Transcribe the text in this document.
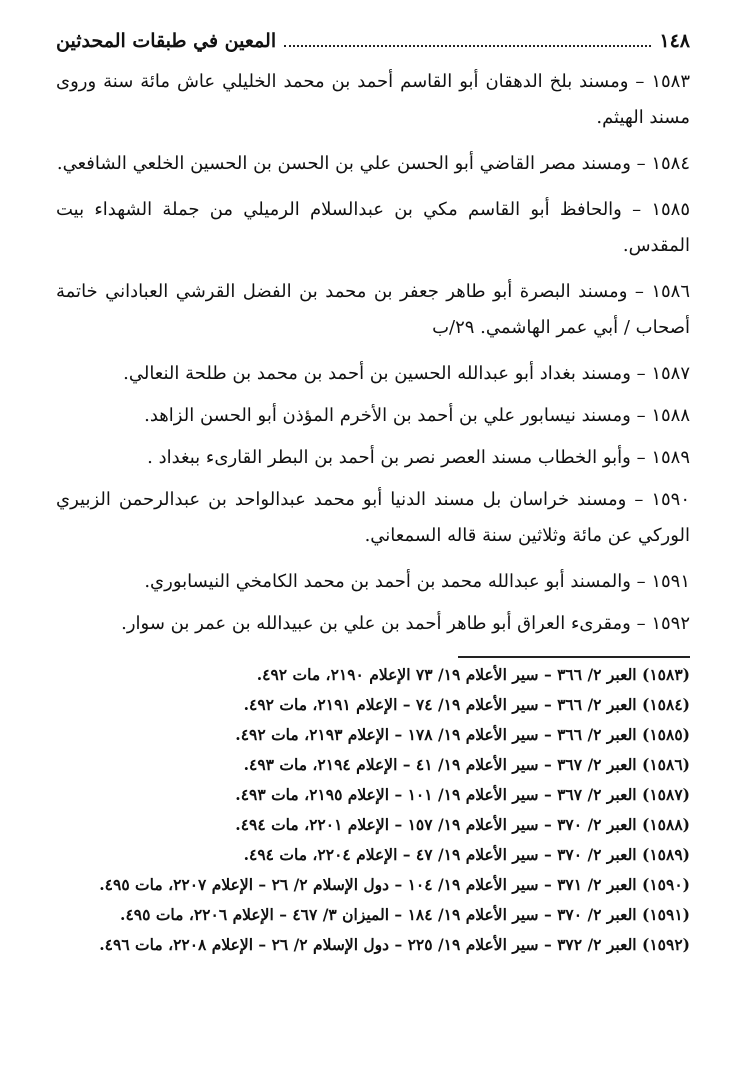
١٤٨
المعين في طبقات المحدثين

١٥٨٣ – ومسند بلخ الدهقان أبو القاسم أحمد بن محمد الخليلي عاش مائة سنة وروى مسند الهيثم.

١٥٨٤ – ومسند مصر القاضي أبو الحسن علي بن الحسن بن الحسين الخلعي الشافعي.

١٥٨٥ – والحافظ أبو القاسم مكي بن عبدالسلام الرميلي من جملة الشهداء بيت المقدس.

١٥٨٦ – ومسند البصرة أبو طاهر جعفر بن محمد بن الفضل القرشي العباداني خاتمة أصحاب / أبي عمر الهاشمي. ٢٩/ب

١٥٨٧ – ومسند بغداد أبو عبدالله الحسين بن أحمد بن محمد بن طلحة النعالي.

١٥٨٨ – ومسند نيسابور علي بن أحمد بن الأخرم المؤذن أبو الحسن الزاهد.

١٥٨٩ – وأبو الخطاب مسند العصر نصر بن أحمد بن البطر القارىء ببغداد .

١٥٩٠ – ومسند خراسان بل مسند الدنيا أبو محمد عبدالواحد بن عبدالرحمن الزبيري الوركي عن مائة وثلاثين سنة قاله السمعاني.

١٥٩١ – والمسند أبو عبدالله محمد بن أحمد بن محمد الكامخي النيسابوري.

١٥٩٢ – ومقرىء العراق أبو طاهر أحمد بن علي بن عبيدالله بن عمر بن سوار.

(١٥٨٣) العبر ٢/ ٣٦٦ – سير الأعلام ١٩/ ٧٣ الإعلام ٢١٩٠، مات ٤٩٢.

(١٥٨٤) العبر ٢/ ٣٦٦ – سير الأعلام ١٩/ ٧٤ – الإعلام ٢١٩١، مات ٤٩٢.

(١٥٨٥) العبر ٢/ ٣٦٦ – سير الأعلام ١٩/ ١٧٨ – الإعلام ٢١٩٣، مات ٤٩٢.

(١٥٨٦) العبر ٢/ ٣٦٧ – سير الأعلام ١٩/ ٤١ – الإعلام ٢١٩٤، مات ٤٩٣.

(١٥٨٧) العبر ٢/ ٣٦٧ – سير الأعلام ١٩/ ١٠١ – الإعلام ٢١٩٥، مات ٤٩٣.

(١٥٨٨) العبر ٢/ ٣٧٠ – سير الأعلام ١٩/ ١٥٧ – الإعلام ٢٢٠١، مات ٤٩٤.

(١٥٨٩) العبر ٢/ ٣٧٠ – سير الأعلام ١٩/ ٤٧ – الإعلام ٢٢٠٤، مات ٤٩٤.

(١٥٩٠) العبر ٢/ ٣٧١ – سير الأعلام ١٩/ ١٠٤ – دول الإسلام ٢/ ٢٦ – الإعلام ٢٢٠٧، مات ٤٩٥.

(١٥٩١) العبر ٢/ ٣٧٠ – سير الأعلام ١٩/ ١٨٤ – الميزان ٣/ ٤٦٧ – الإعلام ٢٢٠٦، مات ٤٩٥.

(١٥٩٢) العبر ٢/ ٣٧٢ – سير الأعلام ١٩/ ٢٢٥ – دول الإسلام ٢/ ٢٦ – الإعلام ٢٢٠٨، مات ٤٩٦.
